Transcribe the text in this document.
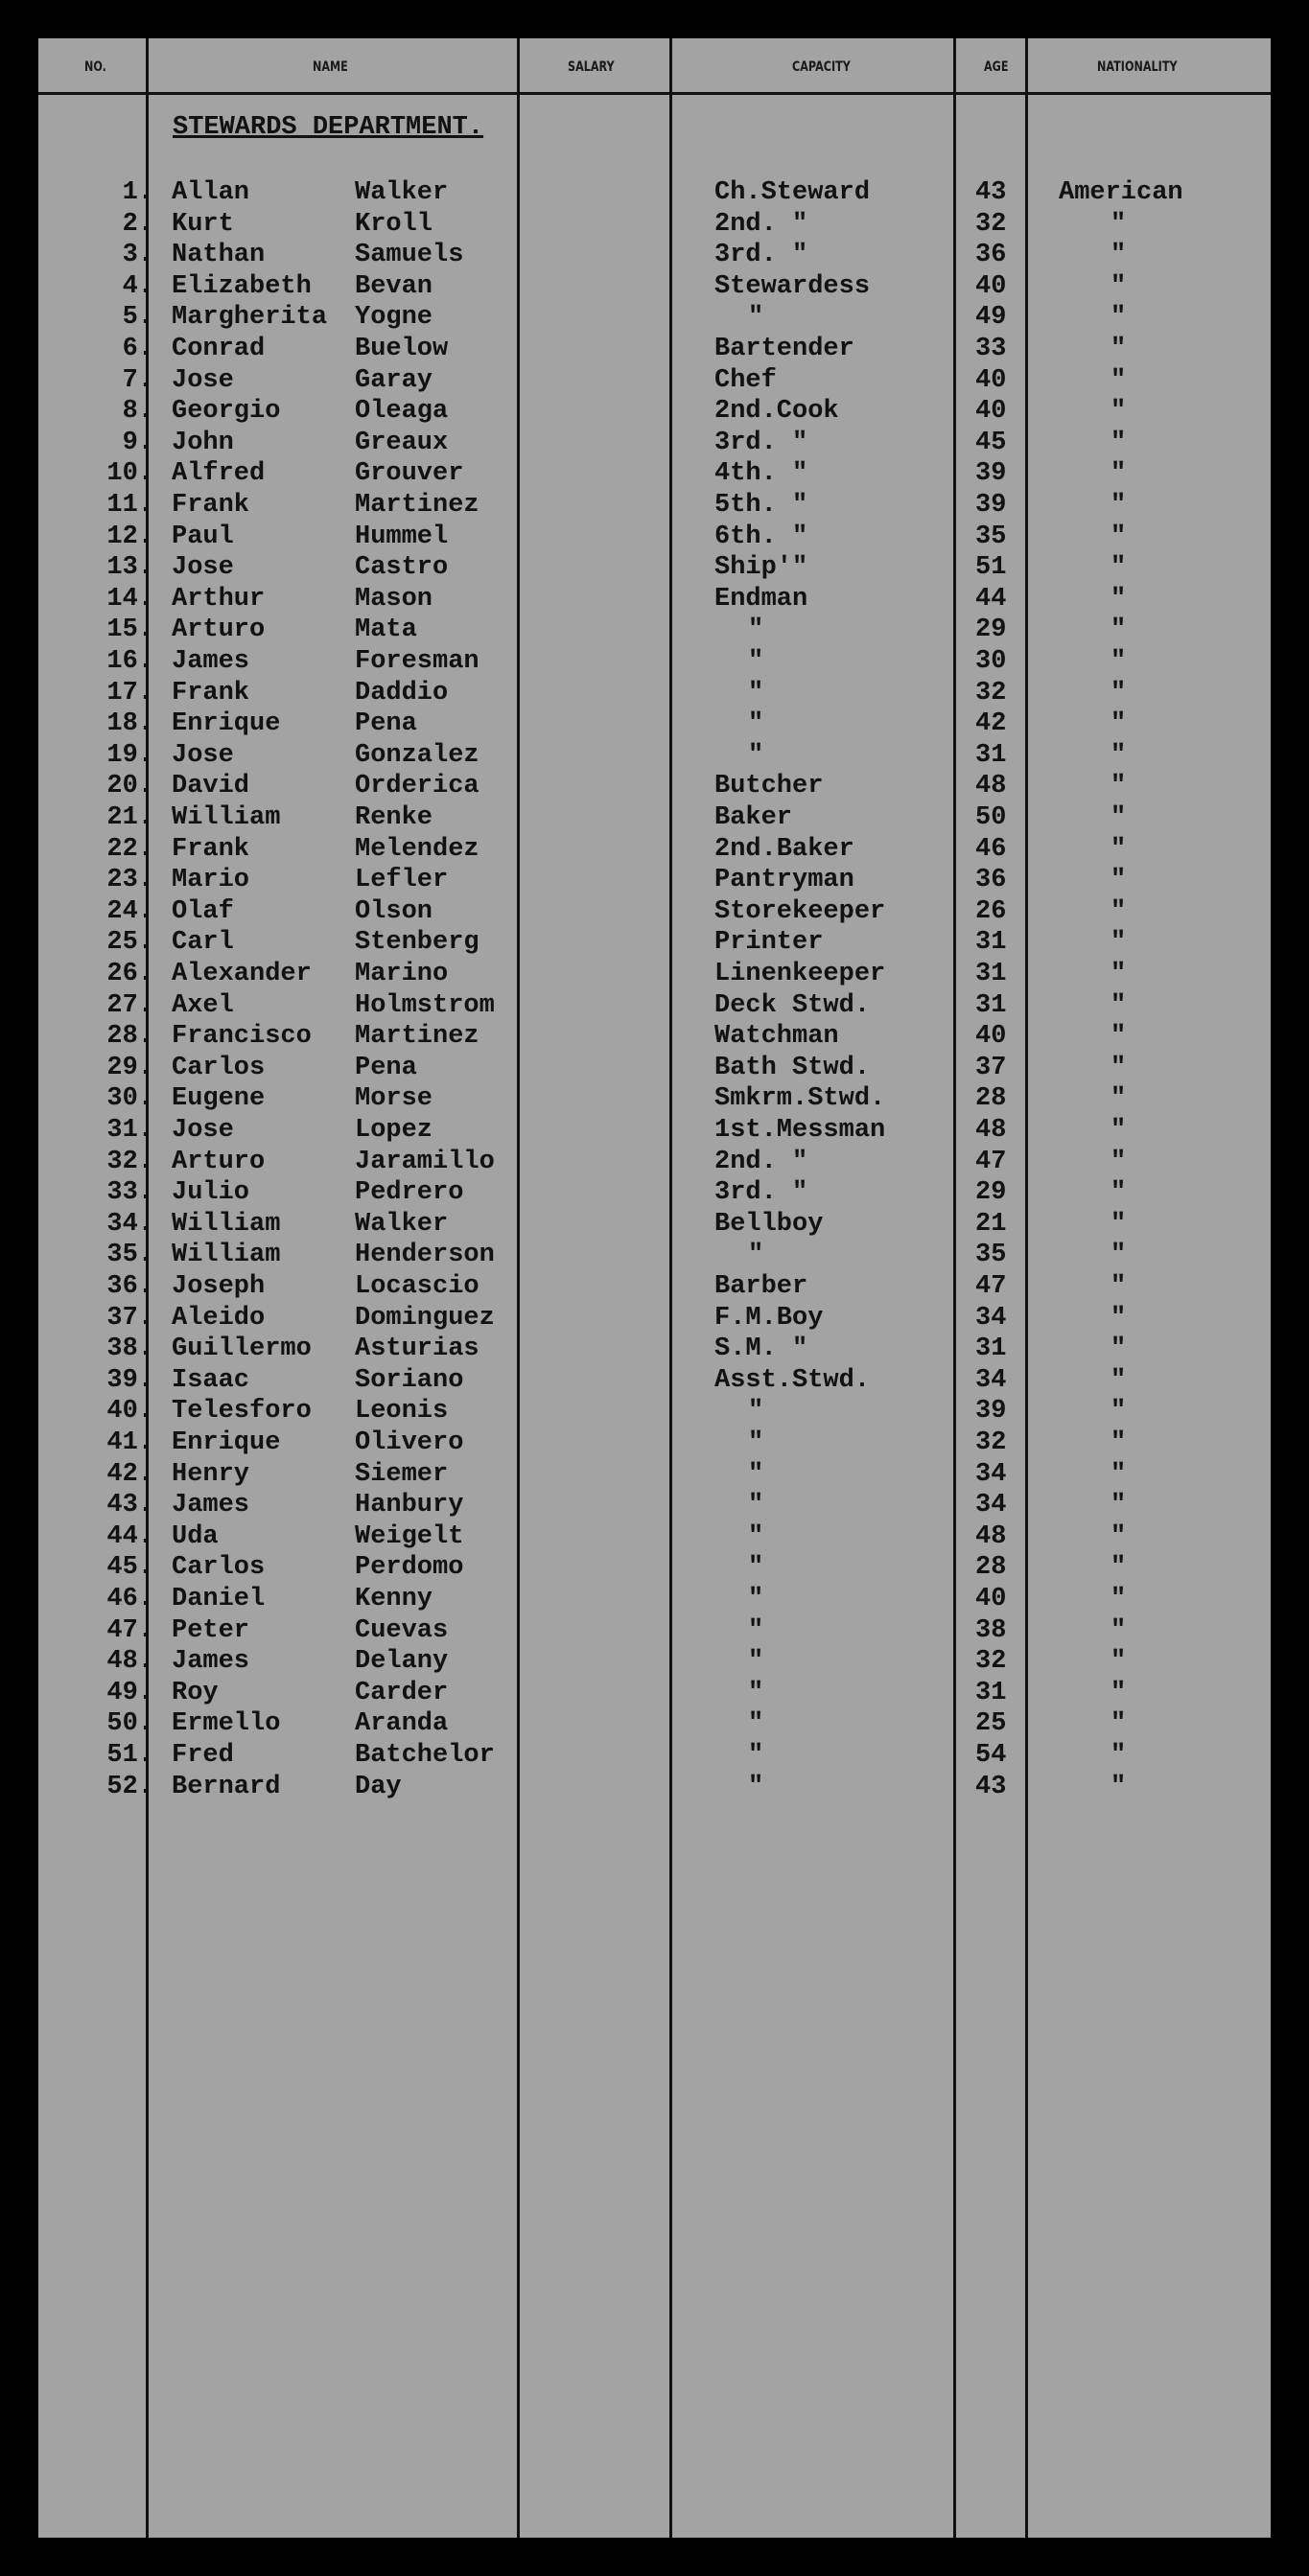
NO.	NAME	SALARY	CAPACITY	AGE	NATIONALITY
STEWARDS DEPARTMENT.
1. Allan	Walker	Ch.Steward	43 American
2. Kurt	Kroll	2nd. "	32	"
3. Nathan	Samuels	3rd. "	36	"
4. Elizabeth Bevan	Stewardess	40	"
5. Margherita Yogne	"	49	"
6. Conrad	Buelow	Bartender	33	"
7. Jose	Garay	Chef	40	"
8. Georgio	Oleaga	2nd.Cook	40	"
9. John	Greaux	3rd. "	45	"
10. Alfred	Grouver	4th. "	39	"
11. Frank	Martinez	5th. "	39	"
12. Paul	Hummel	6th. "	35	"
13. Jose	Castro	Ship'"	51	"
14. Arthur	Mason	Endman	44	"
15. Arturo	Mata	"	29	"
16. James	Foresman	"	30	"
17. Frank	Daddio	"	32	"
18. Enrique	Pena	"	42	"
19. Jose	Gonzalez	"	31	"
20. David	Orderica	Butcher	48	"
21. William	Renke	Baker	50	"
22. Frank	Melendez	2nd.Baker	46	"
23. Mario	Lefler	Pantryman	36	"
24. Olaf	Olson	Storekeeper	26	"
25. Carl	Stenberg	Printer	31	"
26. Alexander Marino	Linenkeeper	31	"
27. Axel	Holmstrom	Deck Stwd.	31	"
28. Francisco Martinez	Watchman	40	"
29. Carlos	Pena	Bath Stwd.	37	"
30. Eugene	Morse	Smkrm.Stwd.	28	"
31. Jose	Lopez	1st.Messman	48	"
32. Arturo	Jaramillo	2nd. "	47	"
33. Julio	Pedrero	3rd. "	29	"
34. William	Walker	Bellboy	21	"
35. William	Henderson	"	35	"
36. Joseph	Locascio	Barber	47	"
37. Aleido	Dominguez	F.M.Boy	34	"
38. Guillermo Asturias	S.M. "	31	"
39. Isaac	Soriano	Asst.Stwd.	34	"
40. Telesforo Leonis	"	39	"
41. Enrique	Olivero	"	32	"
42. Henry	Siemer	"	34	"
43. James	Hanbury	"	34	"
44. Uda	Weigelt	"	48	"
45. Carlos	Perdomo	"	28	"
46. Daniel	Kenny	"	40	"
47. Peter	Cuevas	"	38	"
48. James	Delany	"	32	"
49. Roy	Carder	"	31	"
50. Ermello	Aranda	"	25	"
51. Fred	Batchelor	"	54	"
52. Bernard	Day	"	43	"
